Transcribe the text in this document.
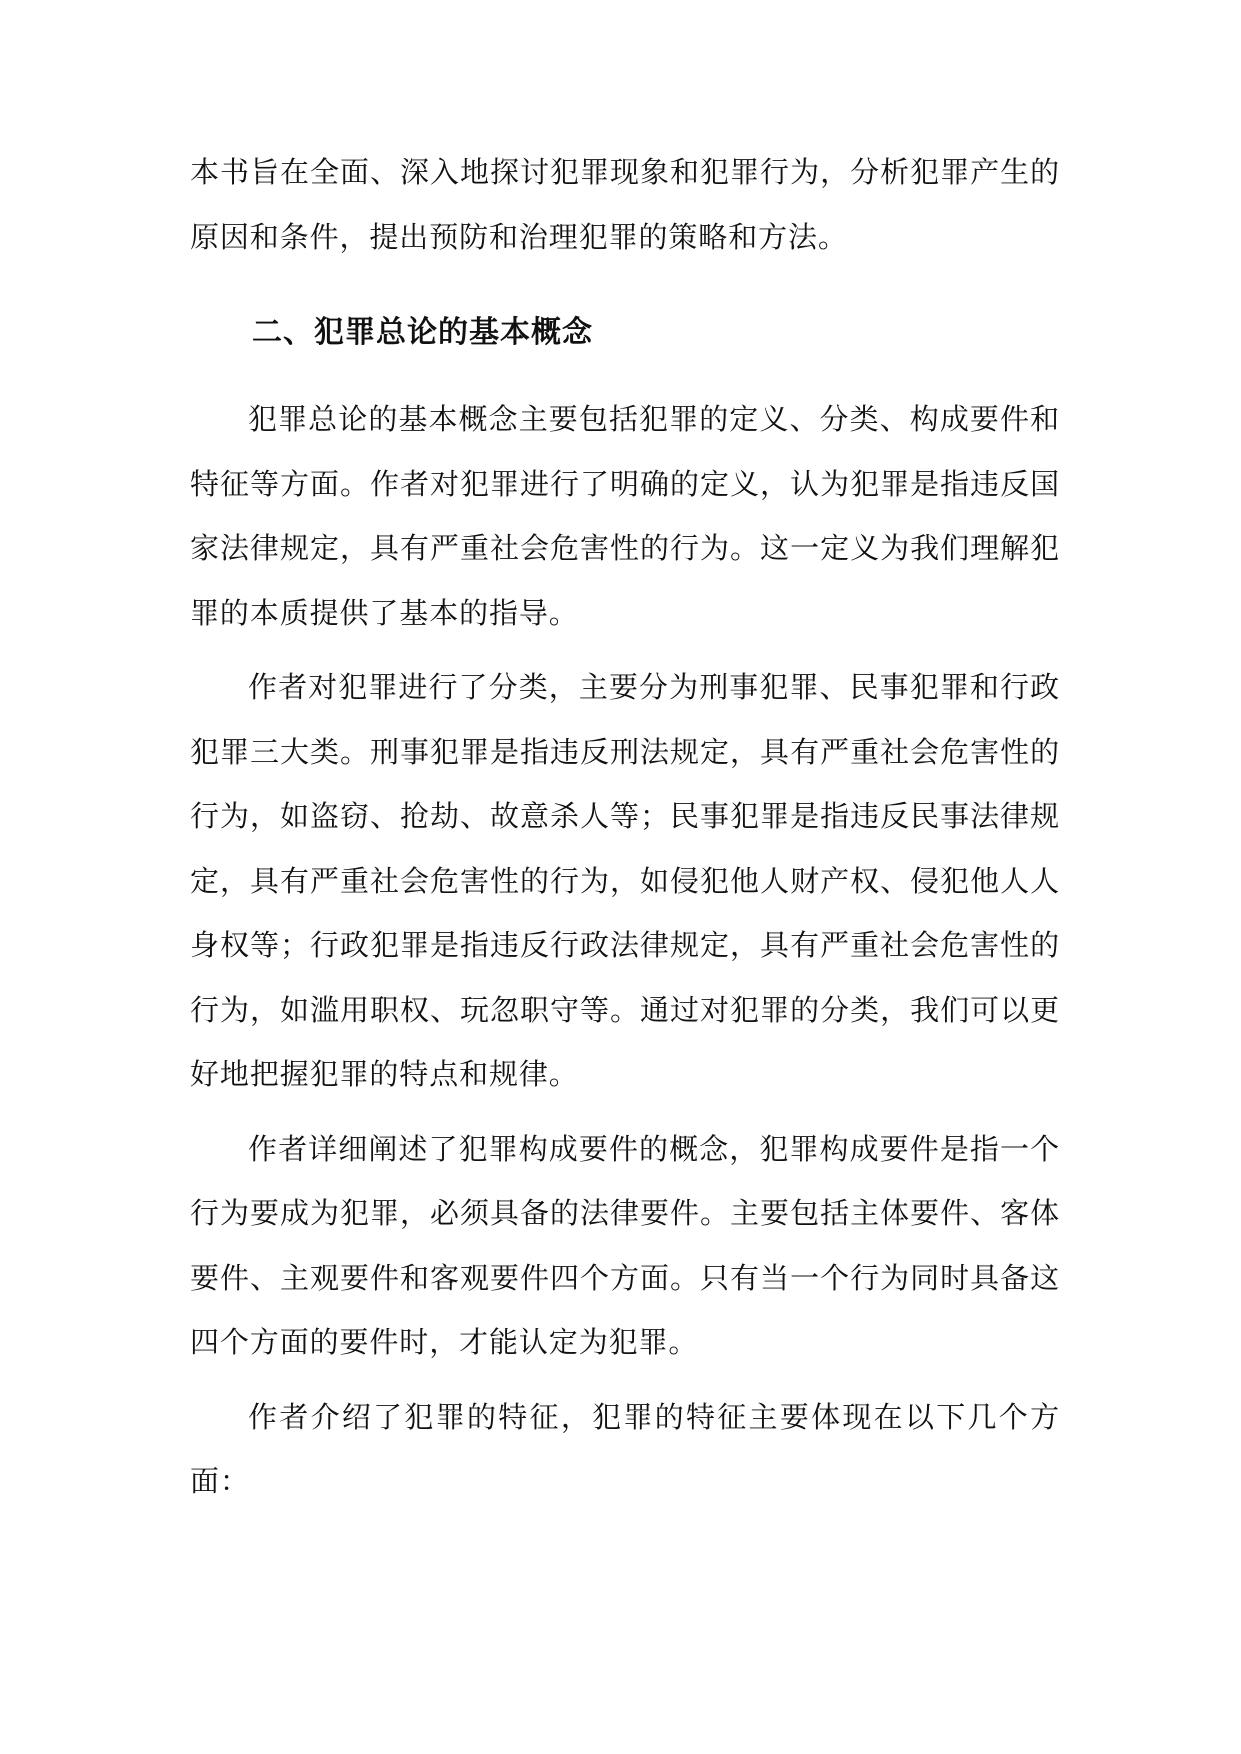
本书旨在全面、深入地探讨犯罪现象和犯罪行为，分析犯罪产生的原因和条件，提出预防和治理犯罪的策略和方法。

二、犯罪总论的基本概念

犯罪总论的基本概念主要包括犯罪的定义、分类、构成要件和特征等方面。作者对犯罪进行了明确的定义，认为犯罪是指违反国家法律规定，具有严重社会危害性的行为。这一定义为我们理解犯罪的本质提供了基本的指导。

作者对犯罪进行了分类，主要分为刑事犯罪、民事犯罪和行政犯罪三大类。刑事犯罪是指违反刑法规定，具有严重社会危害性的行为，如盗窃、抢劫、故意杀人等；民事犯罪是指违反民事法律规定，具有严重社会危害性的行为，如侵犯他人财产权、侵犯他人人身权等；行政犯罪是指违反行政法律规定，具有严重社会危害性的行为，如滥用职权、玩忽职守等。通过对犯罪的分类，我们可以更好地把握犯罪的特点和规律。

作者详细阐述了犯罪构成要件的概念，犯罪构成要件是指一个行为要成为犯罪，必须具备的法律要件。主要包括主体要件、客体要件、主观要件和客观要件四个方面。只有当一个行为同时具备这四个方面的要件时，才能认定为犯罪。

作者介绍了犯罪的特征，犯罪的特征主要体现在以下几个方面：
